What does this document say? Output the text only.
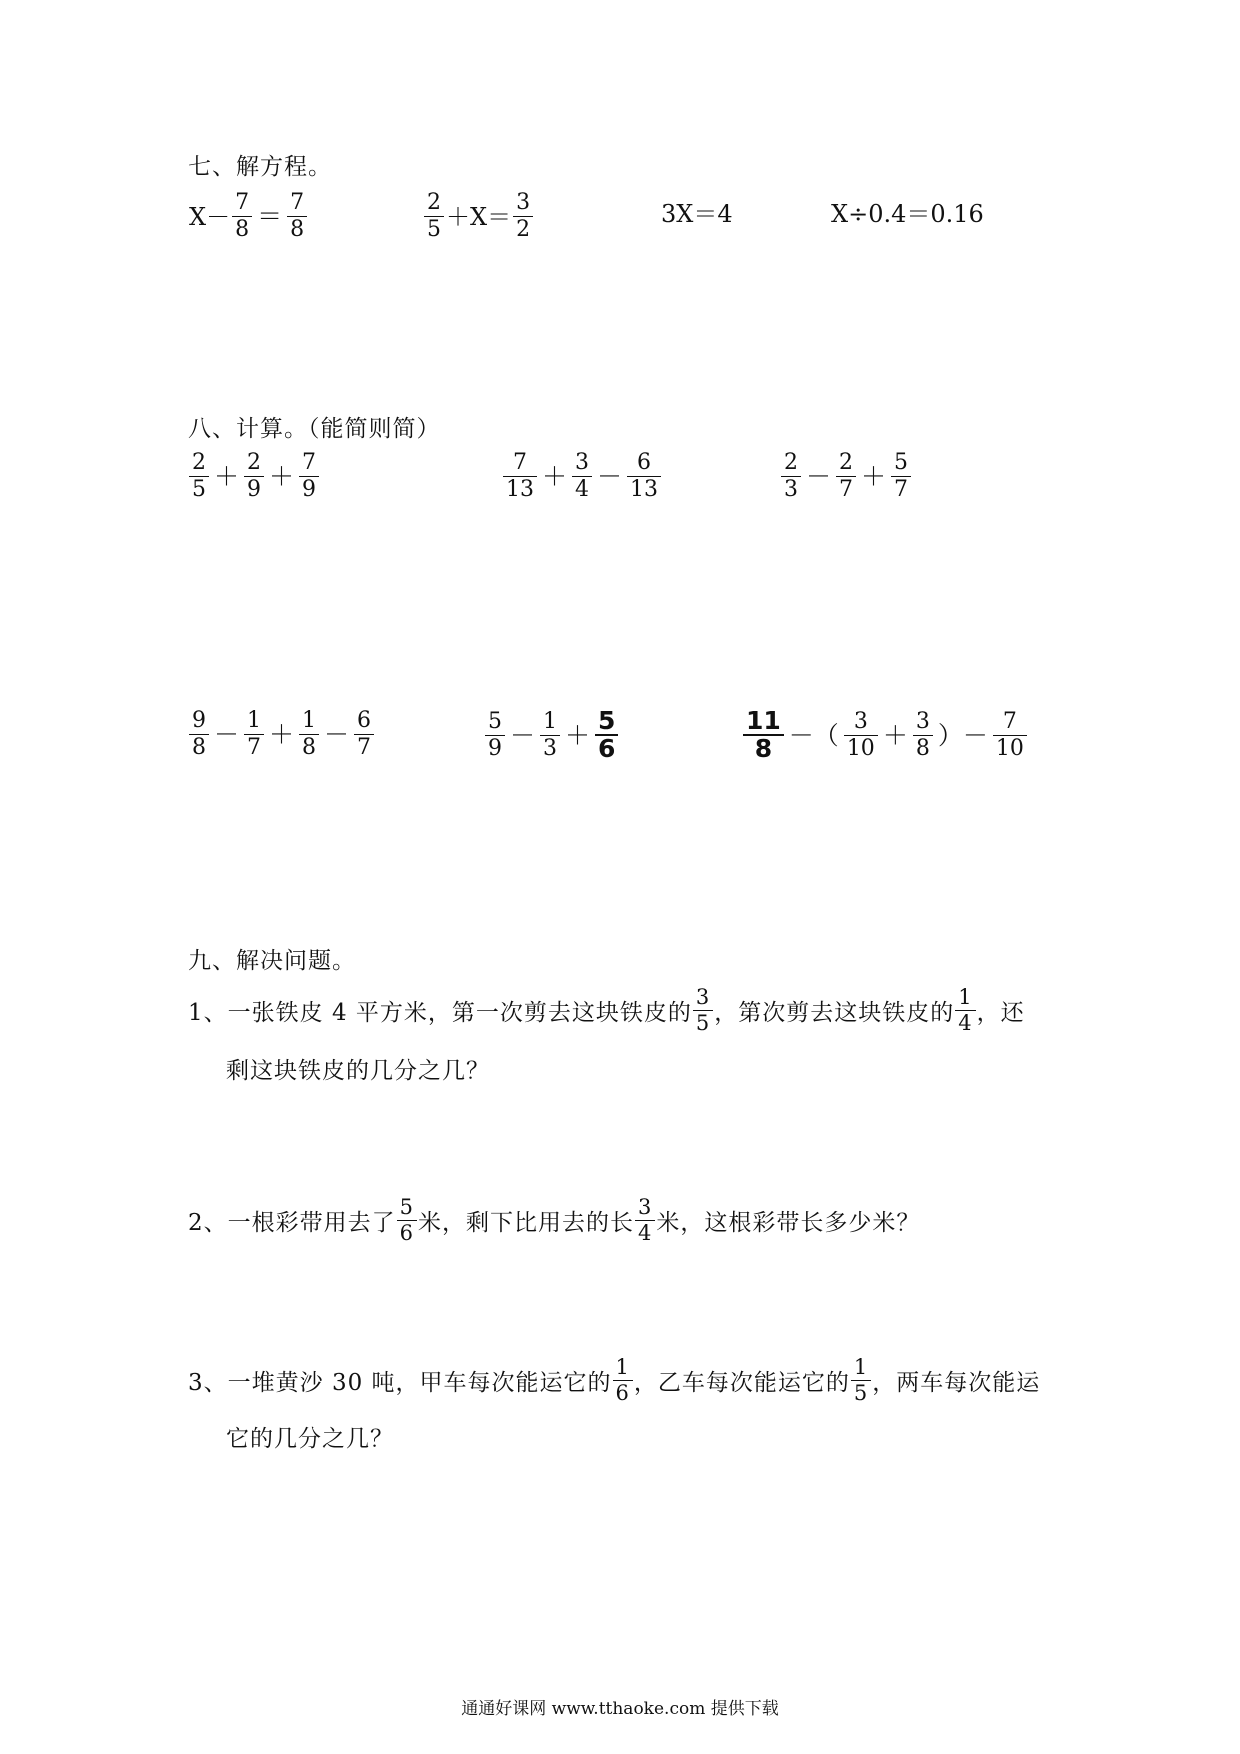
七、解方程。
$X- \frac{7}{8} = \frac{7}{8}$	$\frac{2}{5} +X= \frac{3}{2}$	3X＝4	X÷0.4＝0.16
八、计算。（能简则简）
$\frac{2}{5} + \frac{2}{9} + \frac{7}{9}$	$\frac{7}{13} + \frac{3}{4} - \frac{6}{13}$	$\frac{2}{3} - \frac{2}{7} + \frac{5}{7}$
$\frac{9}{8} - \frac{1}{7} + \frac{1}{8} - \frac{6}{7}$	$\frac{5}{9} - \frac{1}{3} + \frac{5}{6}$	$\frac{11}{8}$ －（ $\frac{3}{10} + \frac{3}{8}$ ）－ $\frac{7}{10}$
九、解决问题。
1、一张铁皮 4 平方米，第一次剪去这块铁皮的 $\frac{3}{5}$ ，第次剪去这块铁皮的 $\frac{1}{4}$ ，还
剩这块铁皮的几分之几？
2、一根彩带用去了 $\frac{5}{6}$ 米，剩下比用去的长 $\frac{3}{4}$ 米，这根彩带长多少米？
3、一堆黄沙 30 吨，甲车每次能运它的 $\frac{1}{6}$ ，乙车每次能运它的 $\frac{1}{5}$ ，两车每次能运
它的几分之几？
通通好课网 www.tthaoke.com 提供下载
